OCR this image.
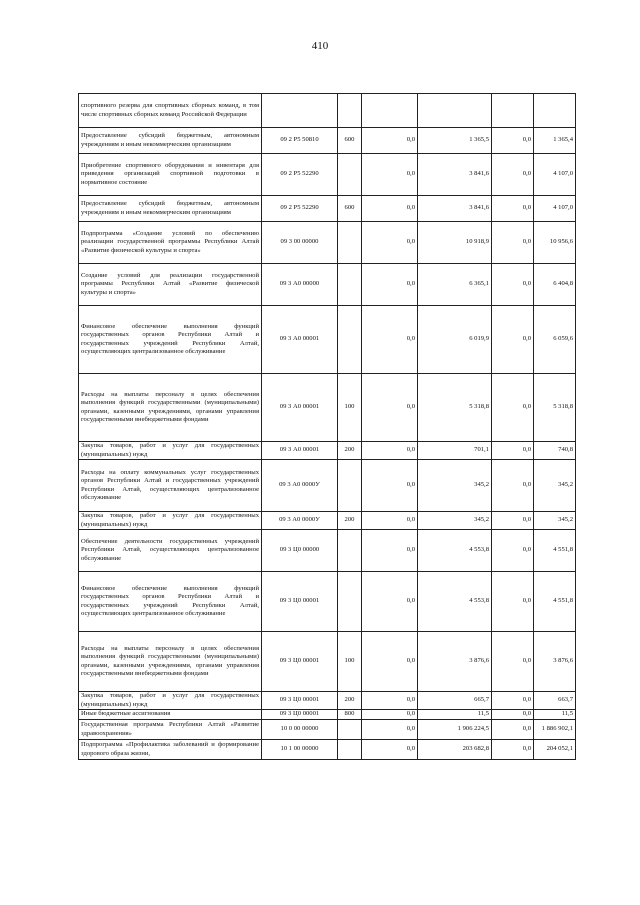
410
спортивного резерва для спортивных сборных команд, в том числе спортивных сборных команд Российской Федерации						
Предоставление субсидий бюджетным, автономным учреждениям и иным некоммерческим организациям	09 2 P5 50810	600	0,0	1 365,5	0,0	1 365,4
Приобретение спортивного оборудования и инвентаря для приведения организаций спортивной подготовки в нормативное состояние	09 2 P5 52290		0,0	3 841,6	0,0	4 107,0
Предоставление субсидий бюджетным, автономным учреждениям и иным некоммерческим организациям	09 2 P5 52290	600	0,0	3 841,6	0,0	4 107,0
Подпрограмма «Создание условий по обеспечению реализации государственной программы Республики Алтай «Развитие физической культуры и спорта»	09 3 00 00000		0,0	10 918,9	0,0	10 956,6
Создание условий для реализации государственной программы Республики Алтай «Развитие физической культуры и спорта»	09 3 А0 00000		0,0	6 365,1	0,0	6 404,8
Финансовое обеспечение выполнения функций государственных органов Республики Алтай и государственных учреждений Республики Алтай, осуществляющих централизованное обслуживание	09 3 А0 00001		0,0	6 019,9	0,0	6 059,6
Расходы на выплаты персоналу в целях обеспечения выполнения функций государственными (муниципальными) органами, казенными учреждениями, органами управления государственными внебюджетными фондами	09 3 А0 00001	100	0,0	5 318,8	0,0	5 318,8
Закупка товаров, работ и услуг для государственных (муниципальных) нужд	09 3 А0 00001	200	0,0	701,1	0,0	740,8
Расходы на оплату коммунальных услуг государственных органов Республики Алтай и государственных учреждений Республики Алтай, осуществляющих централизованное обслуживание	09 3 А0 0000У		0,0	345,2	0,0	345,2
Закупка товаров, работ и услуг для государственных (муниципальных) нужд	09 3 А0 0000У	200	0,0	345,2	0,0	345,2
Обеспечение деятельности государственных учреждений Республики Алтай, осуществляющих централизованное обслуживание	09 3 Ц0 00000		0,0	4 553,8	0,0	4 551,8
Финансовое обеспечение выполнения функций государственных органов Республики Алтай и государственных учреждений Республики Алтай, осуществляющих централизованное обслуживание	09 3 Ц0 00001		0,0	4 553,8	0,0	4 551,8
Расходы на выплаты персоналу в целях обеспечения выполнения функций государственными (муниципальными) органами, казенными учреждениями, органами управления государственными внебюджетными фондами	09 3 Ц0 00001	100	0,0	3 876,6	0,0	3 876,6
Закупка товаров, работ и услуг для государственных (муниципальных) нужд	09 3 Ц0 00001	200	0,0	665,7	0,0	663,7
Иные бюджетные ассигнования	09 3 Ц0 00001	800	0,0	11,5	0,0	11,5
Государственная программа Республики Алтай «Развитие здравоохранения»	10 0 00 00000		0,0	1 906 224,5	0,0	1 886 902,1
Подпрограмма «Профилактика заболеваний и формирование здорового образа жизни,	10 1 00 00000		0,0	203 682,8	0,0	204 052,1
